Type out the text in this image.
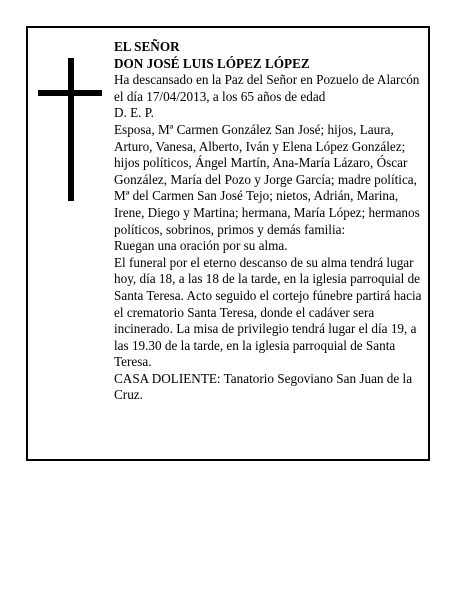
EL SEÑOR
DON JOSÉ LUIS LÓPEZ LÓPEZ
Ha descansado en la Paz del Señor en Pozuelo de Alarcón el día 17/04/2013, a los 65 años de edad
D. E. P.
Esposa, Mª Carmen González San José; hijos, Laura, Arturo, Vanesa, Alberto, Iván y Elena López González; hijos políticos, Ángel Martín, Ana-María Lázaro, Óscar González, María del Pozo y Jorge García; madre política, Mª del Carmen San José Tejo; nietos, Adrián, Marina, Irene, Diego y Martina; hermana, María López; hermanos políticos, sobrinos, primos y demás familia:
Ruegan una oración por su alma.
El funeral por el eterno descanso de su alma tendrá lugar hoy, día 18, a las 18 de la tarde, en la iglesia parroquial de Santa Teresa. Acto seguido el cortejo fúnebre partirá hacia el crematorio Santa Teresa, donde el cadáver sera incinerado. La misa de privilegio tendrá lugar el día 19, a las 19.30 de la tarde, en la iglesia parroquial de Santa Teresa.
CASA DOLIENTE: Tanatorio Segoviano San Juan de la Cruz.
